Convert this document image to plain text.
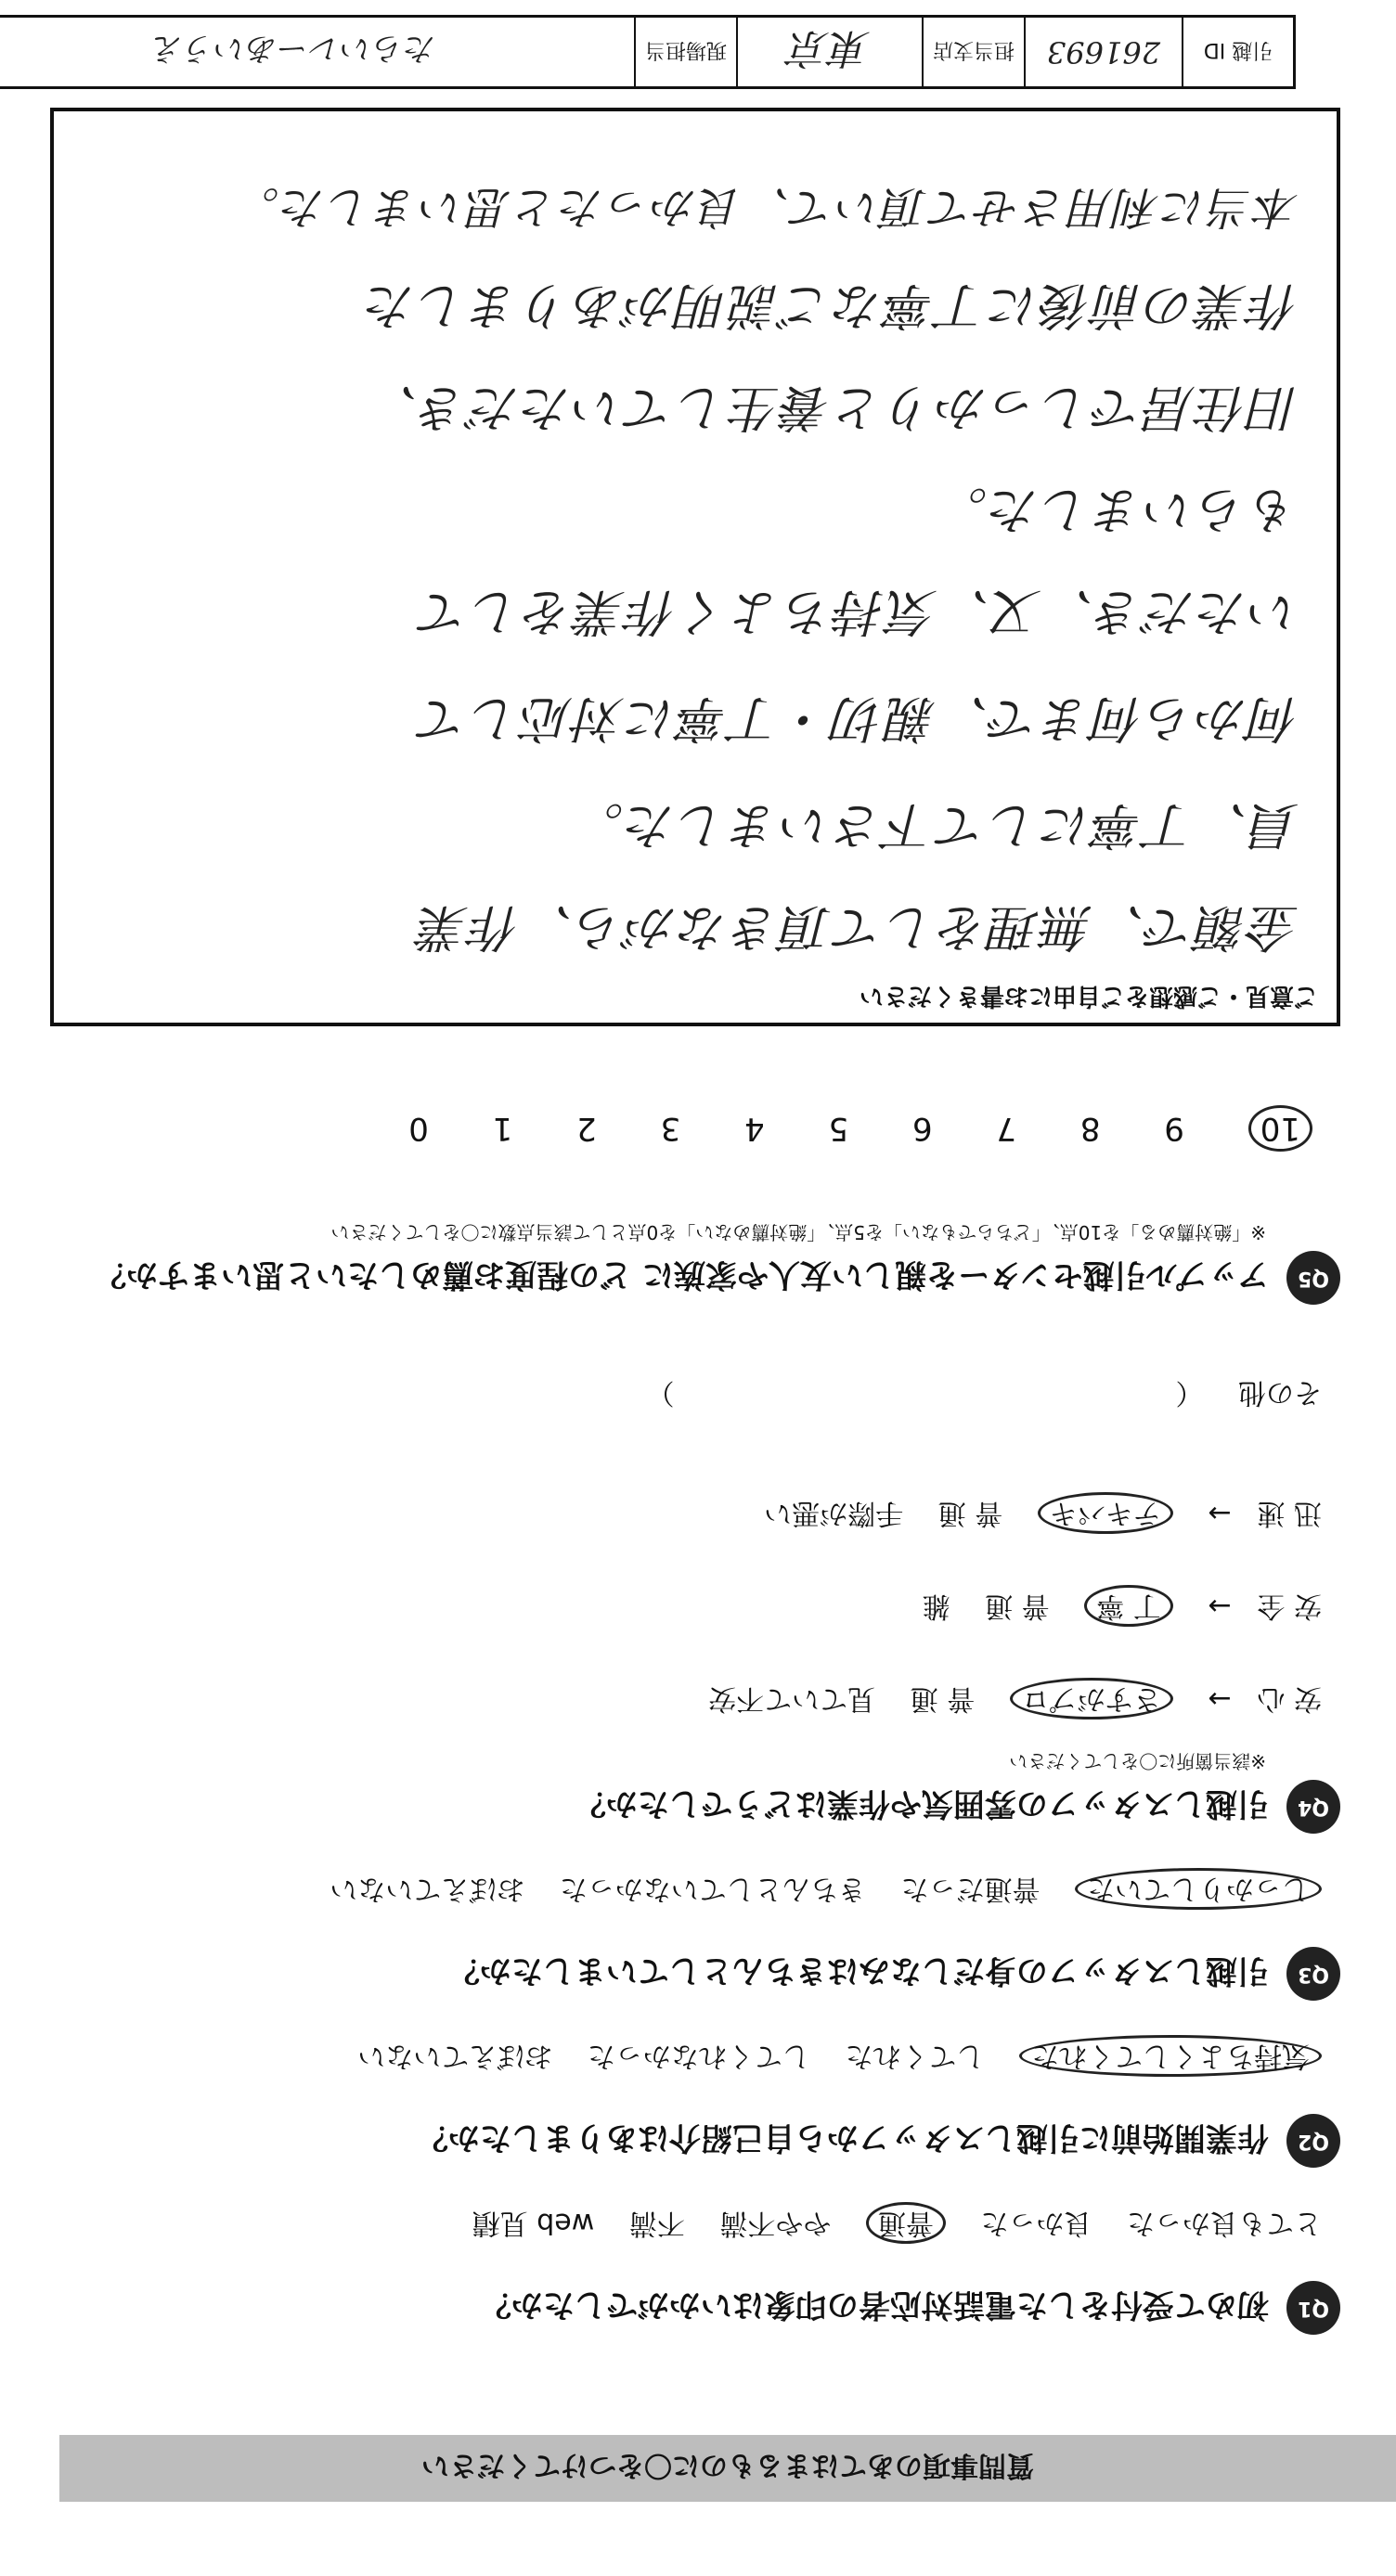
引越 ID
261693
担当支店
東京
現場担当
たらいレーあいうえ
ご意見・ご感想をご自由にお書きください
金額で、無理をして頂きながら、作業
員、丁寧にして下さいました。
何から何まで、親切・丁寧に対応して
いただき、又、気持ちよく作業をして
もらいました。
旧住居でしっかりと養生していただき、
作業の前後に丁寧なご説明がありました
本当に利用させて頂いて、良かったと思いました。
10 9 8 7 6 5 4 3 2 1 0
Q5 アップル引越センターを親しい友人や家族に どの程度お薦めしたいと思いますか？
※「絶対薦める」を10点、「どちらでもない」を5点、「絶対薦めない」を0点として該当点数に〇をしてください
その他 （　　　　　　　　　　　　　　　　　　）
迅 速→ テキパキ 普 通 手際が悪い
安 全→ 丁 寧 普 通 雑
安 心→ さすがプロ 普 通 見ていて不安
Q4 引越しスタッフの雰囲気や作業はどうでしたか？
※該当箇所に〇をしてください
しっかりしていた 普通だった きちんとしていなかった おぼえていない
Q3 引越しスタッフの身だしなみはきちんとしていましたか？
気持ちよくしてくれた してくれた してくれなかった おぼえていない
Q2 作業開始前に引越しスタッフから自己紹介はありましたか？
とても良かった 良かった 普通 やや不満 不満 web 見積
Q1 初めて受付をした電話対応者の印象はいかがでしたか？
質問事項のあてはまるものに〇をつけてください
